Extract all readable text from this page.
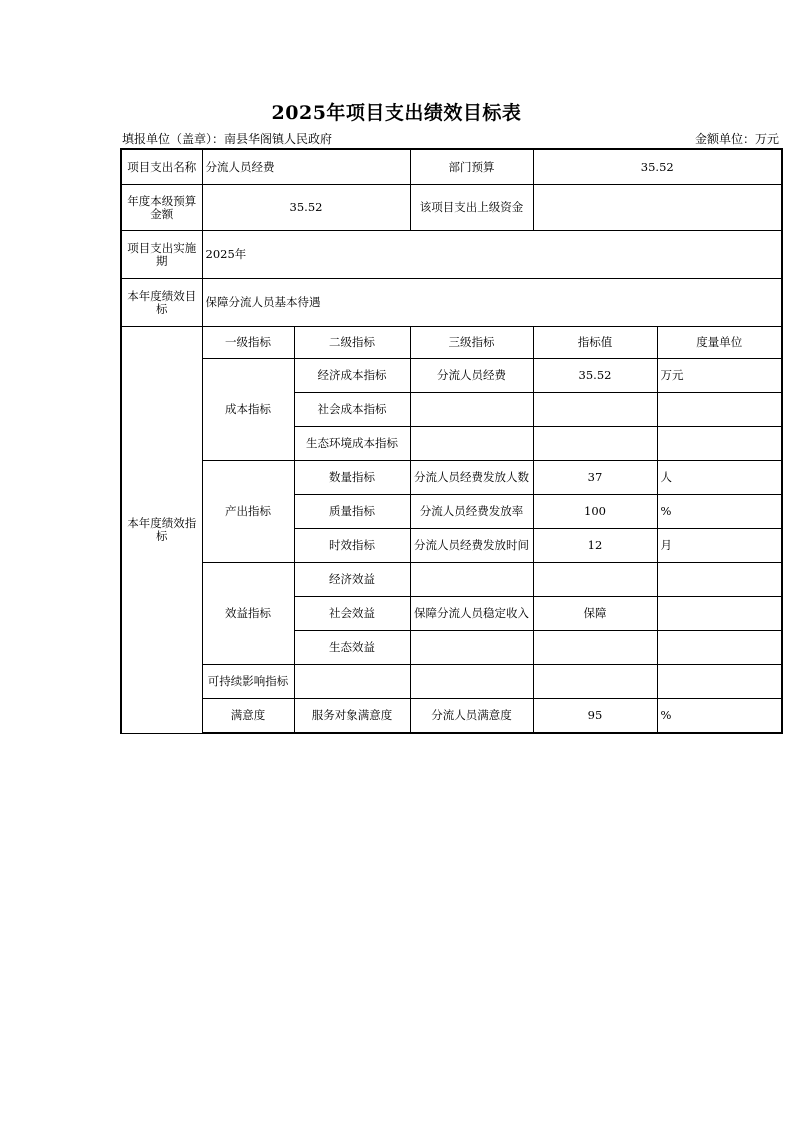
2025年项目支出绩效目标表
填报单位（盖章）：南县华阁镇人民政府	金额单位：万元
项目支出名称	分流人员经费		部门预算	35.52	
年度本级预算金额	35.52		该项目支出上级资金		
项目支出实施期	2025年				
本年度绩效目标	保障分流人员基本待遇				
本年度绩效指标	一级指标	二级指标	三级指标	指标值	度量单位
	成本指标	经济成本指标	分流人员经费	35.52	万元
		社会成本指标			
		生态环境成本指标			
	产出指标	数量指标	分流人员经费发放人数	37	人
		质量指标	分流人员经费发放率	100	%
		时效指标	分流人员经费发放时间	12	月
	效益指标	经济效益			
		社会效益	保障分流人员稳定收入	保障	
		生态效益			
	可持续影响指标				
	满意度	服务对象满意度	分流人员满意度	95	%
